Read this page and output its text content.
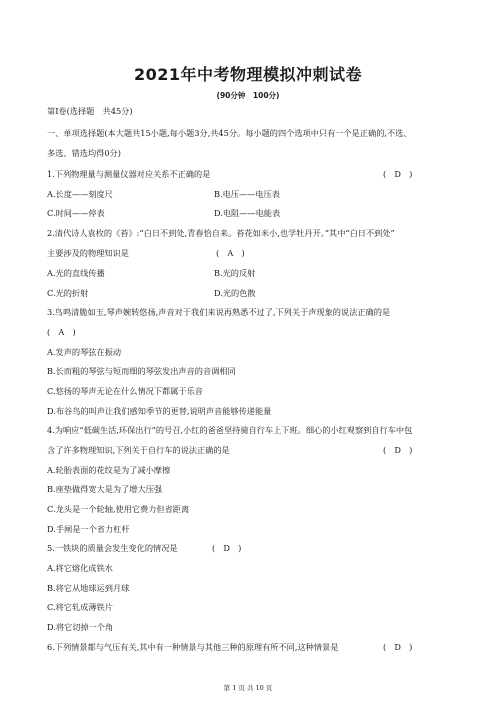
2021年中考物理模拟冲刺试卷
(90分钟　100分)
第Ⅰ卷(选择题　共45分)
一、单项选择题(本大题共15小题,每小题3分,共45分。每小题的四个选项中只有一个是正确的,不选、
多选、错选均得0分)
1.下列物理量与测量仪器对应关系不正确的是	(　D　)
A.长度——刻度尺	B.电压——电压表
C.时间——停表	D.电阻——电能表
2.清代诗人袁枚的《苔》:“白日不到处,青春恰自来。苔花如米小,也学牡丹开。”其中“白日不到处”
主要涉及的物理知识是	(　A　)
A.光的直线传播	B.光的反射
C.光的折射	D.光的色散
3.鸟鸣清脆如玉,琴声婉转悠扬,声音对于我们来说再熟悉不过了,下列关于声现象的说法正确的是
(　A　)
A.发声的琴弦在振动
B.长而粗的琴弦与短而细的琴弦发出声音的音调相同
C.悠扬的琴声无论在什么情况下都属于乐音
D.布谷鸟的叫声让我们感知季节的更替,说明声音能够传递能量
4.为响应“低碳生活,环保出行”的号召,小红的爸爸坚持骑自行车上下班。细心的小红观察到自行车中包
含了许多物理知识,下列关于自行车的说法正确的是	(　D　)
A.轮胎表面的花纹是为了减小摩擦
B.座垫做得宽大是为了增大压强
C.龙头是一个轮轴,使用它费力但省距离
D.手闸是一个省力杠杆
5.一铁块的质量会发生变化的情况是	(　D　)
A.将它熔化成铁水
B.将它从地球运到月球
C.将它轧成薄铁片
D.将它切掉一个角
6.下列情景都与气压有关,其中有一种情景与其他三种的原理有所不同,这种情景是	(　D　)
第 1 页 共 10 页
